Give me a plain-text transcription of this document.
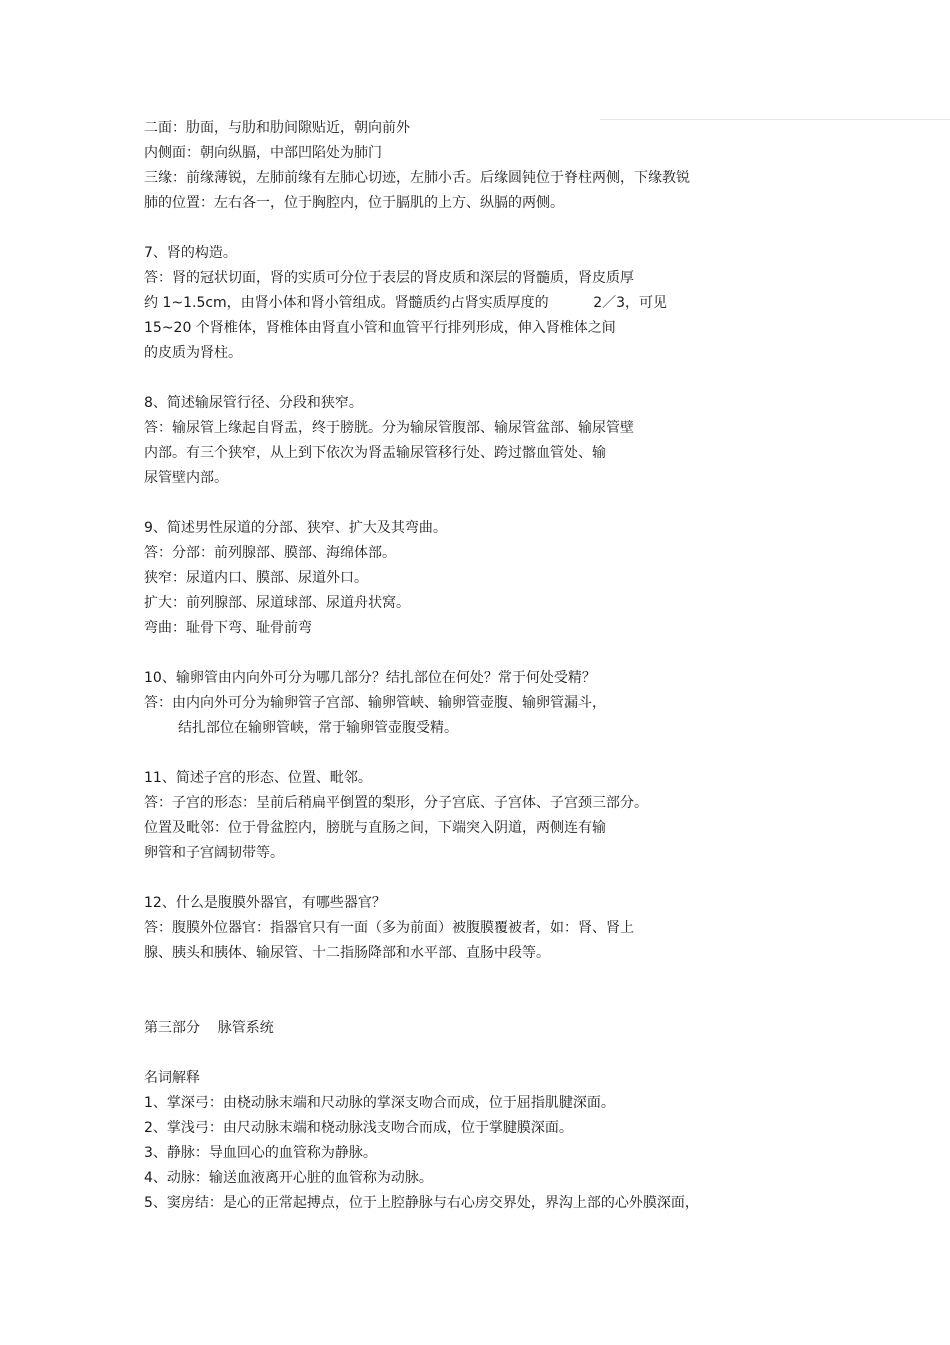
二面：肋面，与肋和肋间隙贴近，朝向前外
内侧面：朝向纵膈，中部凹陷处为肺门
三缘：前缘薄锐，左肺前缘有左肺心切迹，左肺小舌。后缘圆钝位于脊柱两侧，下缘教锐
肺的位置：左右各一，位于胸腔内，位于膈肌的上方、纵膈的两侧。
7、肾的构造。
答：肾的冠状切面，肾的实质可分位于表层的肾皮质和深层的肾髓质，肾皮质厚
约 1~1.5cm，由肾小体和肾小管组成。肾髓质约占肾实质厚度的          2／3，可见
15~20 个肾椎体，肾椎体由肾直小管和血管平行排列形成，伸入肾椎体之间
的皮质为肾柱。
8、简述输尿管行径、分段和狭窄。
答：输尿管上缘起自肾盂，终于膀胱。分为输尿管腹部、输尿管盆部、输尿管壁
内部。有三个狭窄，从上到下依次为肾盂输尿管移行处、跨过髂血管处、输
尿管壁内部。
9、简述男性尿道的分部、狭窄、扩大及其弯曲。
答：分部：前列腺部、膜部、海绵体部。
狭窄：尿道内口、膜部、尿道外口。
扩大：前列腺部、尿道球部、尿道舟状窝。
弯曲：耻骨下弯、耻骨前弯
10、输卵管由内向外可分为哪几部分？结扎部位在何处？常于何处受精？
答：由内向外可分为输卵管子宫部、输卵管峡、输卵管壶腹、输卵管漏斗，
结扎部位在输卵管峡，常于输卵管壶腹受精。
11、简述子宫的形态、位置、毗邻。
答：子宫的形态：呈前后稍扁平倒置的梨形，分子宫底、子宫体、子宫颈三部分。
位置及毗邻：位于骨盆腔内，膀胱与直肠之间，下端突入阴道，两侧连有输
卵管和子宫阔韧带等。
12、什么是腹膜外器官，有哪些器官？
答：腹膜外位器官：指器官只有一面（多为前面）被腹膜覆被者，如：肾、肾上
腺、胰头和胰体、输尿管、十二指肠降部和水平部、直肠中段等。
第三部分    脉管系统
名词解释
1、掌深弓：由桡动脉末端和尺动脉的掌深支吻合而成，位于屈指肌腱深面。
2、掌浅弓：由尺动脉末端和桡动脉浅支吻合而成，位于掌腱膜深面。
3、静脉：导血回心的血管称为静脉。
4、动脉：输送血液离开心脏的血管称为动脉。
5、窦房结：是心的正常起搏点，位于上腔静脉与右心房交界处，界沟上部的心外膜深面，
